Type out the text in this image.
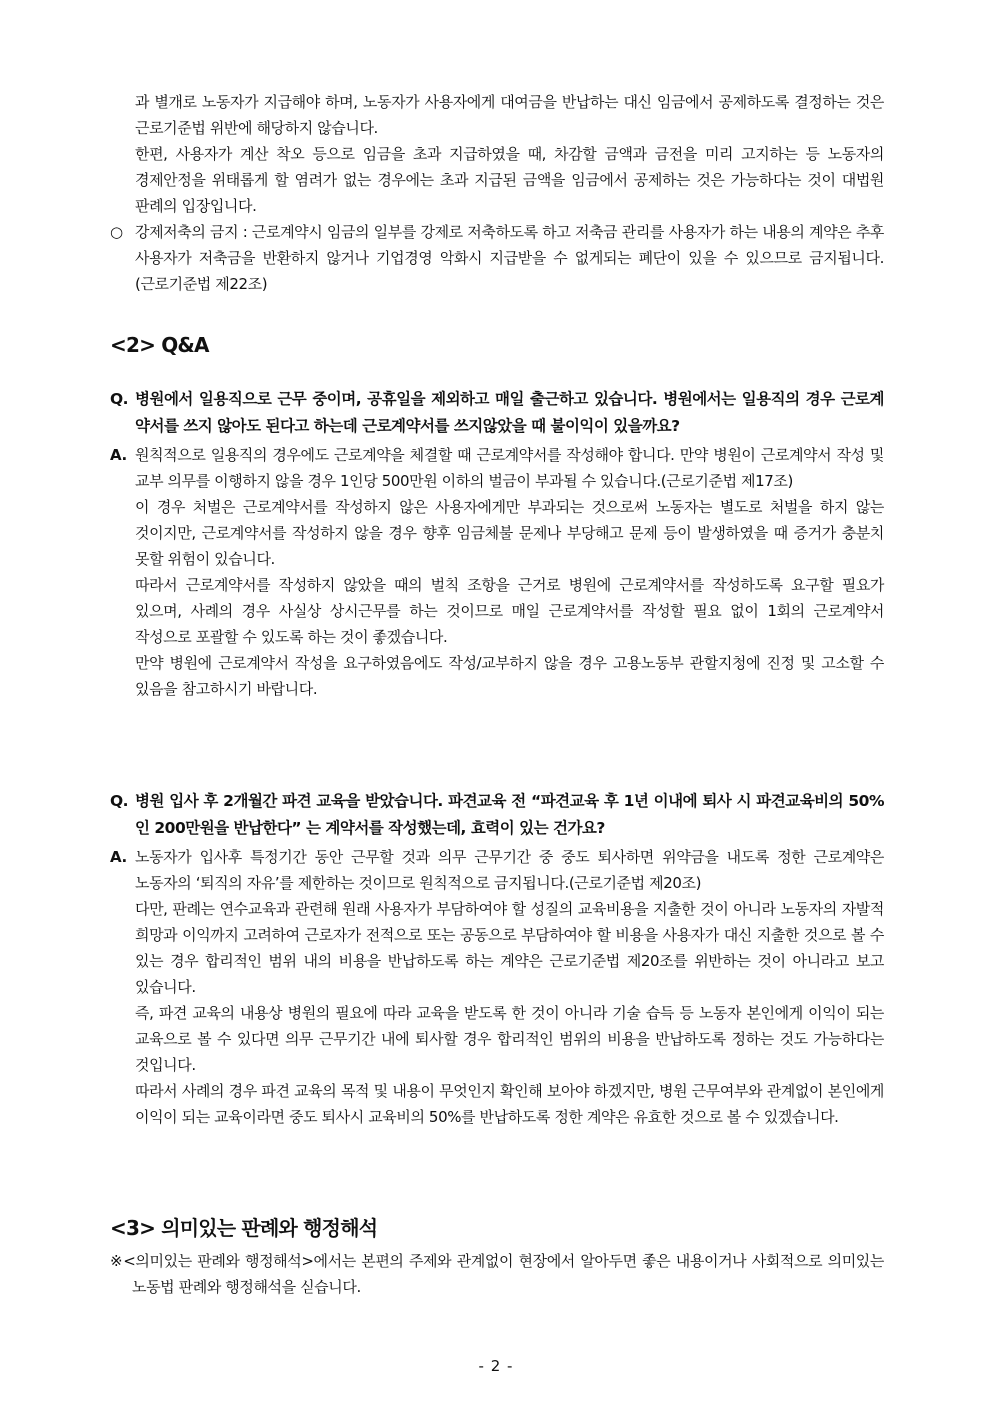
과 별개로 노동자가 지급해야 하며, 노동자가 사용자에게 대여금을 반납하는 대신 임금에서 공제하도록 결정하는 것은 근로기준법 위반에 해당하지 않습니다.

한편, 사용자가 계산 착오 등으로 임금을 초과 지급하였을 때, 차감할 금액과 금전을 미리 고지하는 등 노동자의 경제안정을 위태롭게 할 염려가 없는 경우에는 초과 지급된 금액을 임금에서 공제하는 것은 가능하다는 것이 대법원 판례의 입장입니다.

○ 강제저축의 금지 : 근로계약시 임금의 일부를 강제로 저축하도록 하고 저축금 관리를 사용자가 하는 내용의 계약은 추후 사용자가 저축금을 반환하지 않거나 기업경영 악화시 지급받을 수 없게되는 폐단이 있을 수 있으므로 금지됩니다.(근로기준법 제22조)

<2> Q&A

Q. 병원에서 일용직으로 근무 중이며, 공휴일을 제외하고 매일 출근하고 있습니다. 병원에서는 일용직의 경우 근로계약서를 쓰지 않아도 된다고 하는데 근로계약서를 쓰지않았을 때 불이익이 있을까요?

A. 원칙적으로 일용직의 경우에도 근로계약을 체결할 때 근로계약서를 작성해야 합니다. 만약 병원이 근로계약서 작성 및 교부 의무를 이행하지 않을 경우 1인당 500만원 이하의 벌금이 부과될 수 있습니다.(근로기준법 제17조)

이 경우 처벌은 근로계약서를 작성하지 않은 사용자에게만 부과되는 것으로써 노동자는 별도로 처벌을 하지 않는 것이지만, 근로계약서를 작성하지 않을 경우 향후 임금체불 문제나 부당해고 문제 등이 발생하였을 때 증거가 충분치 못할 위험이 있습니다.

따라서 근로계약서를 작성하지 않았을 때의 벌칙 조항을 근거로 병원에 근로계약서를 작성하도록 요구할 필요가 있으며, 사례의 경우 사실상 상시근무를 하는 것이므로 매일 근로계약서를 작성할 필요 없이 1회의 근로계약서 작성으로 포괄할 수 있도록 하는 것이 좋겠습니다.

만약 병원에 근로계약서 작성을 요구하였음에도 작성/교부하지 않을 경우 고용노동부 관할지청에 진정 및 고소할 수 있음을 참고하시기 바랍니다.

Q. 병원 입사 후 2개월간 파견 교육을 받았습니다. 파견교육 전 “파견교육 후 1년 이내에 퇴사 시 파견교육비의 50%인 200만원을 반납한다” 는 계약서를 작성했는데, 효력이 있는 건가요?

A. 노동자가 입사후 특정기간 동안 근무할 것과 의무 근무기간 중 중도 퇴사하면 위약금을 내도록 정한 근로계약은 노동자의 ‘퇴직의 자유’를 제한하는 것이므로 원칙적으로 금지됩니다.(근로기준법 제20조)

다만, 판례는 연수교육과 관련해 원래 사용자가 부담하여야 할 성질의 교육비용을 지출한 것이 아니라 노동자의 자발적 희망과 이익까지 고려하여 근로자가 전적으로 또는 공동으로 부담하여야 할 비용을 사용자가 대신 지출한 것으로 볼 수 있는 경우 합리적인 범위 내의 비용을 반납하도록 하는 계약은 근로기준법 제20조를 위반하는 것이 아니라고 보고 있습니다.

즉, 파견 교육의 내용상 병원의 필요에 따라 교육을 받도록 한 것이 아니라 기술 습득 등 노동자 본인에게 이익이 되는 교육으로 볼 수 있다면 의무 근무기간 내에 퇴사할 경우 합리적인 범위의 비용을 반납하도록 정하는 것도 가능하다는 것입니다.

따라서 사례의 경우 파견 교육의 목적 및 내용이 무엇인지 확인해 보아야 하겠지만, 병원 근무여부와 관계없이 본인에게 이익이 되는 교육이라면 중도 퇴사시 교육비의 50%를 반납하도록 정한 계약은 유효한 것으로 볼 수 있겠습니다.

<3> 의미있는 판례와 행정해석

※<의미있는 판례와 행정해석>에서는 본편의 주제와 관계없이 현장에서 알아두면 좋은 내용이거나 사회적으로 의미있는 노동법 판례와 행정해석을 싣습니다.

- 2 -
